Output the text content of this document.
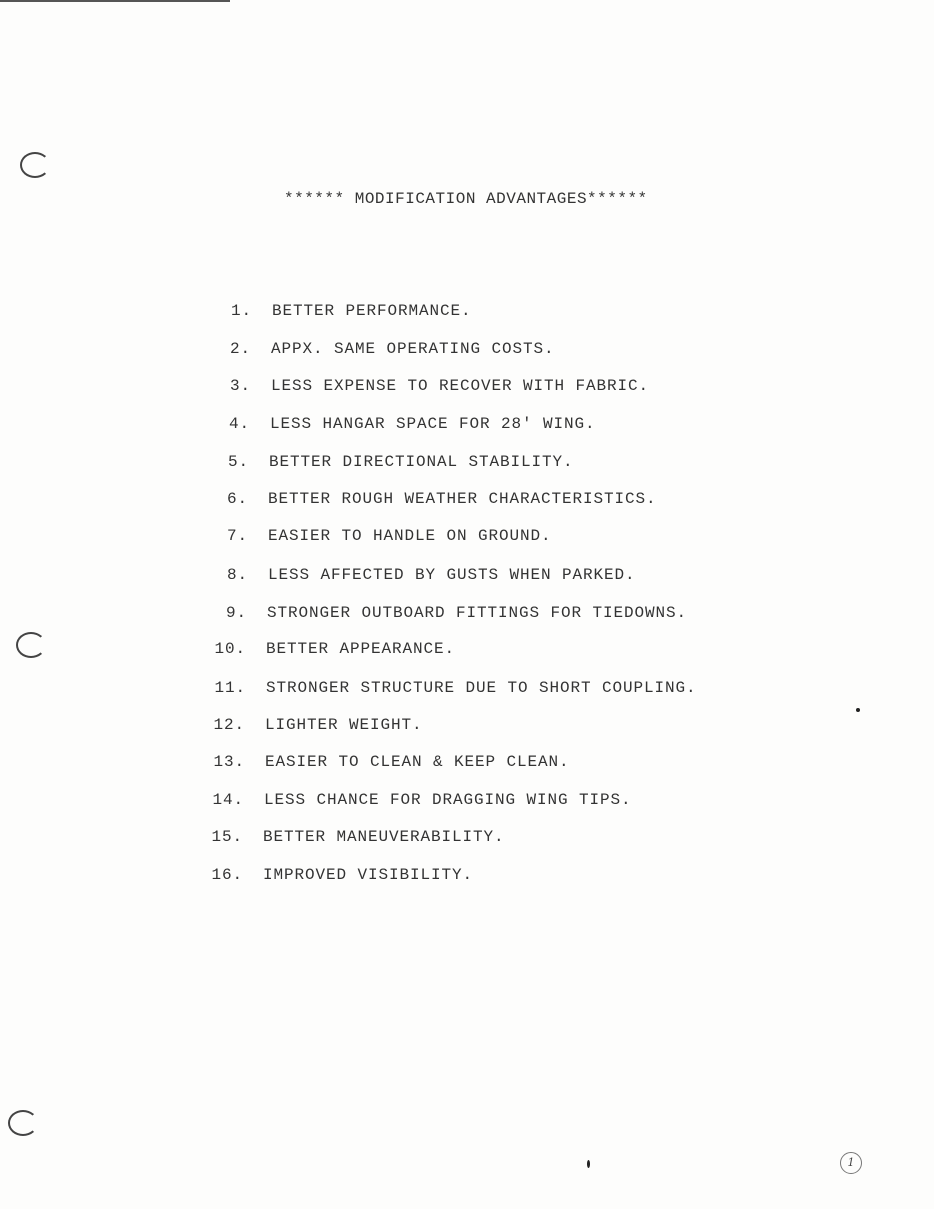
****** MODIFICATION ADVANTAGES******
1. BETTER PERFORMANCE.
2. APPX. SAME OPERATING COSTS.
3. LESS EXPENSE TO RECOVER WITH FABRIC.
4. LESS HANGAR SPACE FOR 28' WING.
5. BETTER DIRECTIONAL STABILITY.
6. BETTER ROUGH WEATHER CHARACTERISTICS.
7. EASIER TO HANDLE ON GROUND.
8. LESS AFFECTED BY GUSTS WHEN PARKED.
9. STRONGER OUTBOARD FITTINGS FOR TIEDOWNS.
10. BETTER APPEARANCE.
11. STRONGER STRUCTURE DUE TO SHORT COUPLING.
12. LIGHTER WEIGHT.
13. EASIER TO CLEAN & KEEP CLEAN.
14. LESS CHANCE FOR DRAGGING WING TIPS.
15. BETTER MANEUVERABILITY.
16. IMPROVED VISIBILITY.
1
